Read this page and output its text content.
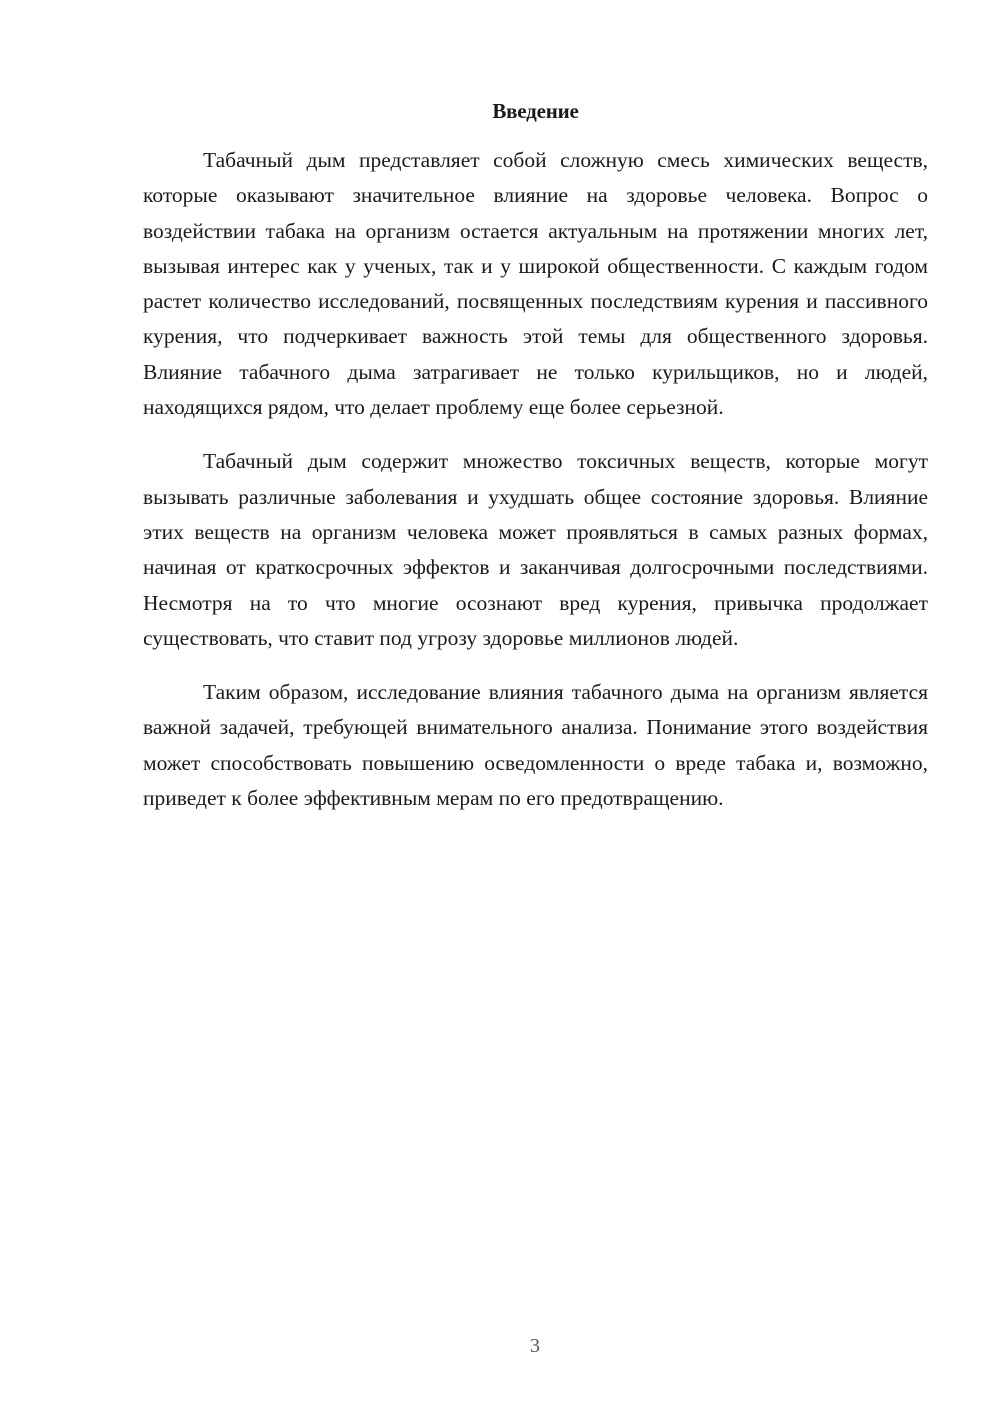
Введение

Табачный дым представляет собой сложную смесь химических веществ, которые оказывают значительное влияние на здоровье человека. Вопрос о воздействии табака на организм остается актуальным на протяжении многих лет, вызывая интерес как у ученых, так и у широкой общественности. С каждым годом растет количество исследований, посвященных последствиям курения и пассивного курения, что подчеркивает важность этой темы для общественного здоровья. Влияние табачного дыма затрагивает не только курильщиков, но и людей, находящихся рядом, что делает проблему еще более серьезной.

Табачный дым содержит множество токсичных веществ, которые могут вызывать различные заболевания и ухудшать общее состояние здоровья. Влияние этих веществ на организм человека может проявляться в самых разных формах, начиная от краткосрочных эффектов и заканчивая долгосрочными последствиями. Несмотря на то что многие осознают вред курения, привычка продолжает существовать, что ставит под угрозу здоровье миллионов людей.

Таким образом, исследование влияния табачного дыма на организм является важной задачей, требующей внимательного анализа. Понимание этого воздействия может способствовать повышению осведомленности о вреде табака и, возможно, приведет к более эффективным мерам по его предотвращению.

3
